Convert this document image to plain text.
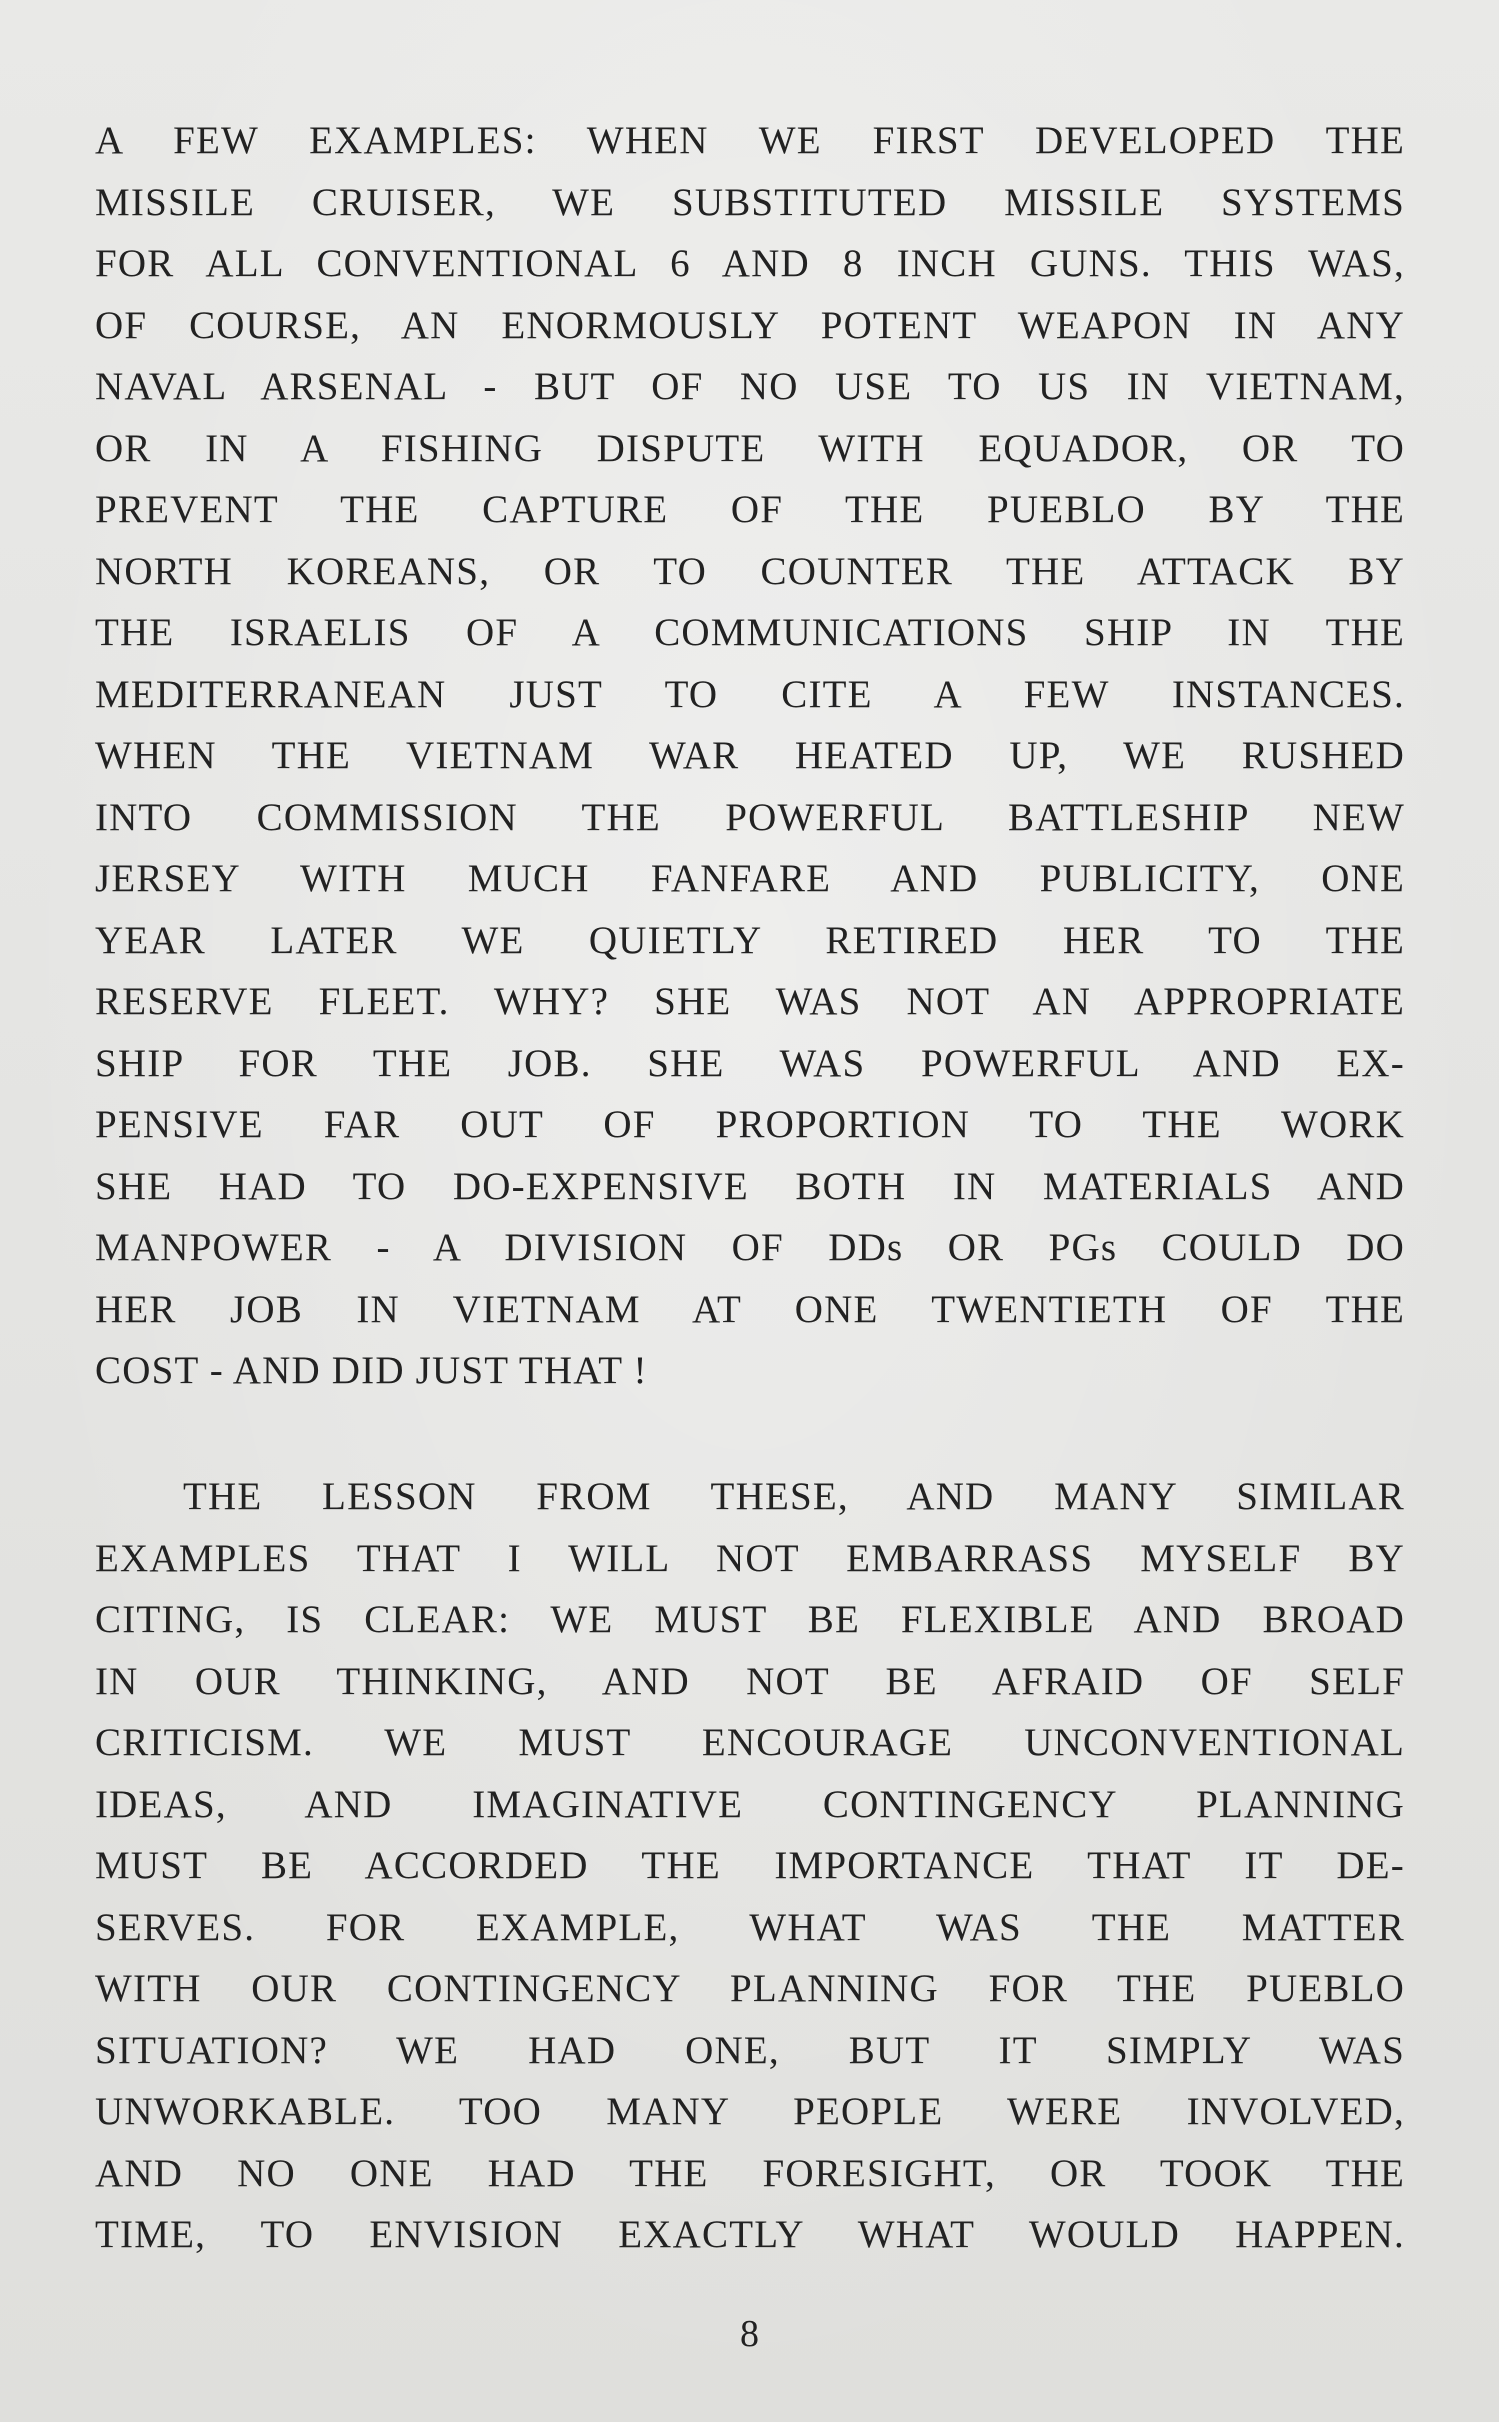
A FEW EXAMPLES: WHEN WE FIRST DEVELOPED THE
MISSILE CRUISER, WE SUBSTITUTED MISSILE SYSTEMS
FOR ALL CONVENTIONAL 6 AND 8 INCH GUNS. THIS WAS,
OF COURSE, AN ENORMOUSLY POTENT WEAPON IN ANY
NAVAL ARSENAL - BUT OF NO USE TO US IN VIETNAM,
OR IN A FISHING DISPUTE WITH EQUADOR, OR TO
PREVENT THE CAPTURE OF THE PUEBLO BY THE
NORTH KOREANS, OR TO COUNTER THE ATTACK BY
THE ISRAELIS OF A COMMUNICATIONS SHIP IN THE
MEDITERRANEAN JUST TO CITE A FEW INSTANCES.
WHEN THE VIETNAM WAR HEATED UP, WE RUSHED
INTO COMMISSION THE POWERFUL BATTLESHIP NEW
JERSEY WITH MUCH FANFARE AND PUBLICITY, ONE
YEAR LATER WE QUIETLY RETIRED HER TO THE
RESERVE FLEET. WHY? SHE WAS NOT AN APPROPRIATE
SHIP FOR THE JOB. SHE WAS POWERFUL AND EX-
PENSIVE FAR OUT OF PROPORTION TO THE WORK
SHE HAD TO DO-EXPENSIVE BOTH IN MATERIALS AND
MANPOWER - A DIVISION OF DDs OR PGs COULD DO
HER JOB IN VIETNAM AT ONE TWENTIETH OF THE
COST - AND DID JUST THAT !
THE LESSON FROM THESE, AND MANY SIMILAR
EXAMPLES THAT I WILL NOT EMBARRASS MYSELF BY
CITING, IS CLEAR: WE MUST BE FLEXIBLE AND BROAD
IN OUR THINKING, AND NOT BE AFRAID OF SELF
CRITICISM. WE MUST ENCOURAGE UNCONVENTIONAL
IDEAS, AND IMAGINATIVE CONTINGENCY PLANNING
MUST BE ACCORDED THE IMPORTANCE THAT IT DE-
SERVES. FOR EXAMPLE, WHAT WAS THE MATTER
WITH OUR CONTINGENCY PLANNING FOR THE PUEBLO
SITUATION? WE HAD ONE, BUT IT SIMPLY WAS
UNWORKABLE. TOO MANY PEOPLE WERE INVOLVED,
AND NO ONE HAD THE FORESIGHT, OR TOOK THE
TIME, TO ENVISION EXACTLY WHAT WOULD HAPPEN.
8
